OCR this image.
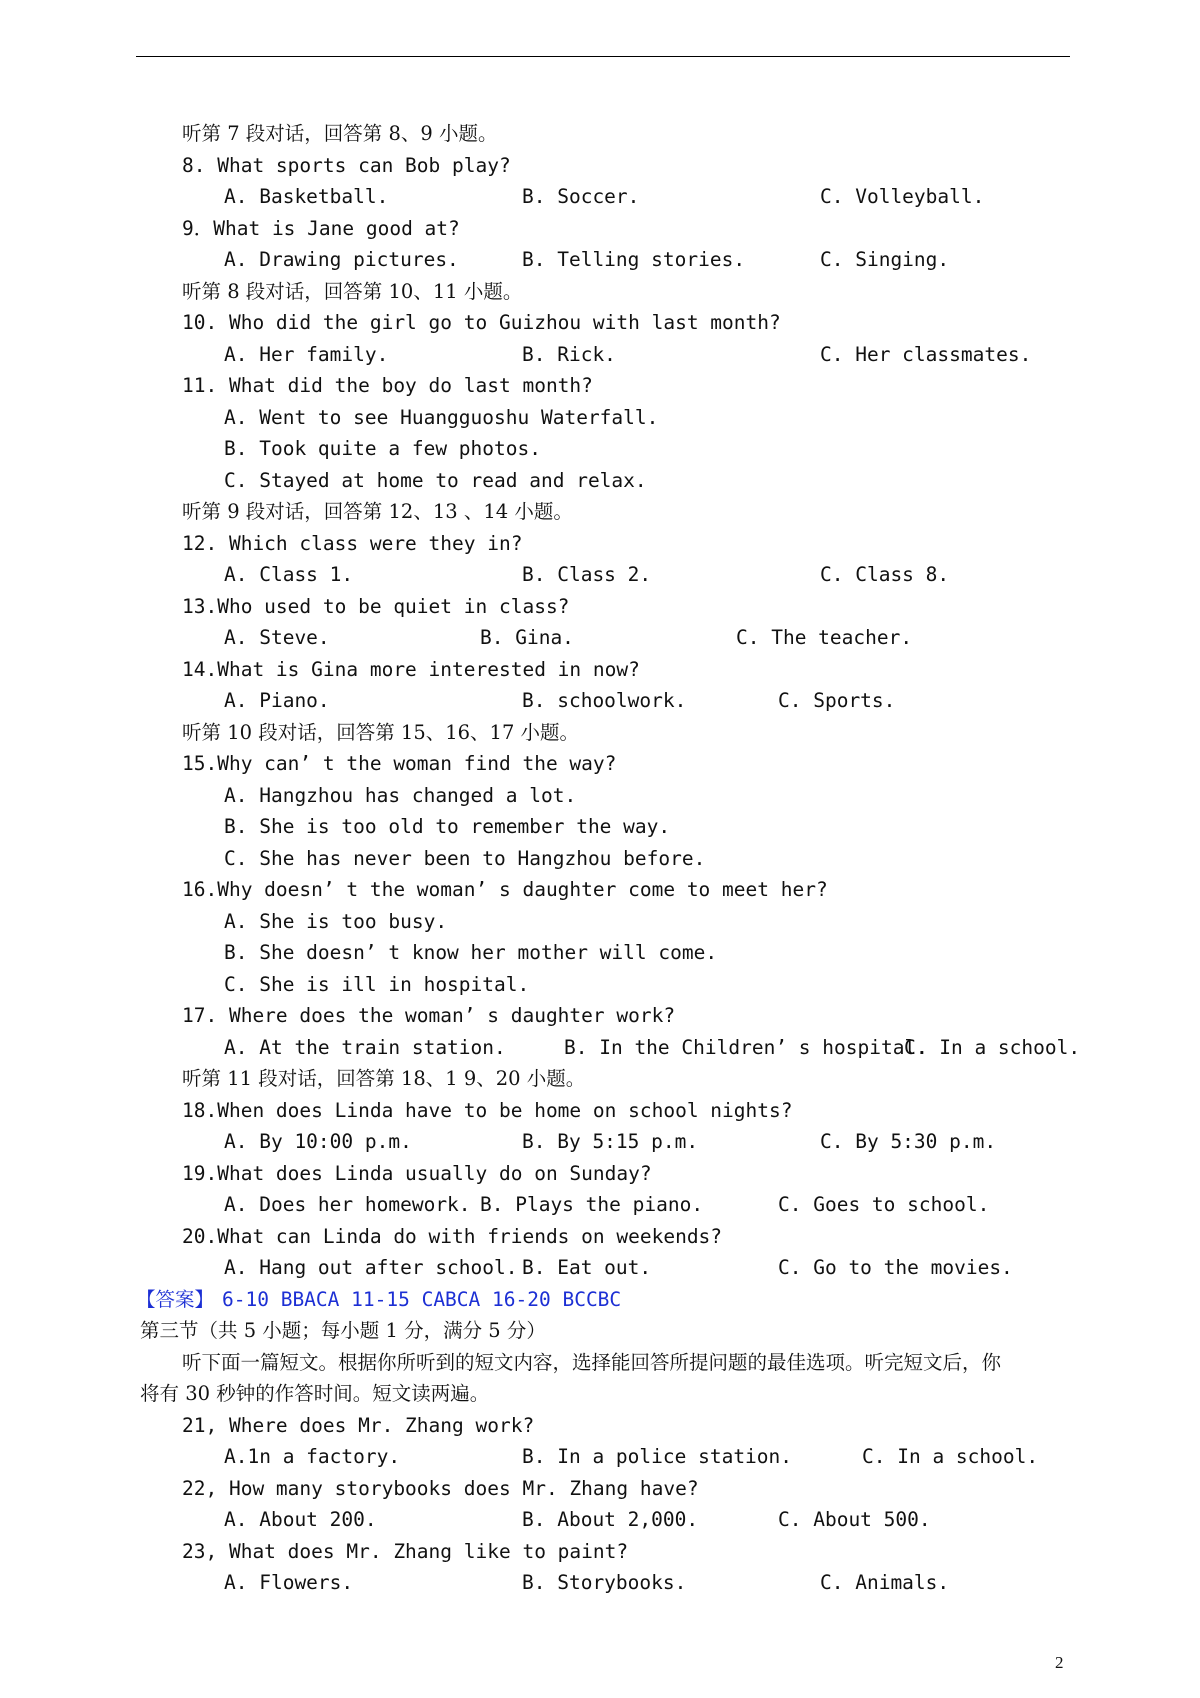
听第 7 段对话，回答第 8、9 小题。
8. What sports can Bob play?
A. Basketball.	B. Soccer.	C. Volleyball.
9．What is Jane good at?
A. Drawing pictures.	B. Telling stories.	C. Singing.
听第 8 段对话，回答第 10、11 小题。
10. Who did the girl go to Guizhou with last month?
A. Her family.	B. Rick.	C. Her classmates.
11. What did the boy do last month?
A. Went to see Huangguoshu Waterfall.
B. Took quite a few photos.
C. Stayed at home to read and relax.
听第 9 段对话，回答第 12、13 、14 小题。
12. Which class were they in?
A. Class 1.	B. Class 2.	C. Class 8.
13.Who used to be quiet in class?
A. Steve.	B. Gina.	C. The teacher.
14.What is Gina more interested in now?
A. Piano.	B. schoolwork.	C. Sports.
听第 10 段对话，回答第 15、16、17 小题。
15.Why can’ t the woman find the way?
A. Hangzhou has changed a lot.
B. She is too old to remember the way.
C. She has never been to Hangzhou before.
16.Why doesn’ t the woman’ s daughter come to meet her?
A. She is too busy.
B. She doesn’ t know her mother will come.
C. She is ill in hospital.
17. Where does the woman’ s daughter work?
A. At the train station.	B. In the Children’ s hospital.
C. In a school.
听第 11 段对话，回答第 18、1 9、20 小题。
18.When does Linda have to be home on school nights?
A. By 10:00 p.m.	B. By 5:15 p.m.	C. By 5:30 p.m.
19.What does Linda usually do on Sunday?
A. Does her homework. B. Plays the piano.	C. Goes to school.
20.What can Linda do with friends on weekends?
A. Hang out after school. B. Eat out.	C. Go to the movies.
【答案】 6-10 BBACA 11-15 CABCA 16-20 BCCBC
第三节（共 5 小题；每小题 1 分，满分 5 分）
听下面一篇短文。根据你所听到的短文内容，选择能回答所提问题的最佳选项。听完短文后，你
将有 30 秒钟的作答时间。短文读两遍。
21, Where does Mr. Zhang work?
A.1n a factory.	B. In a police station.	C. In a school.
22, How many storybooks does Mr. Zhang have?
A. About 200.	B. About 2,000.	C. About 500.
23, What does Mr. Zhang like to paint?
A. Flowers.	B. Storybooks.	C. Animals.
2
